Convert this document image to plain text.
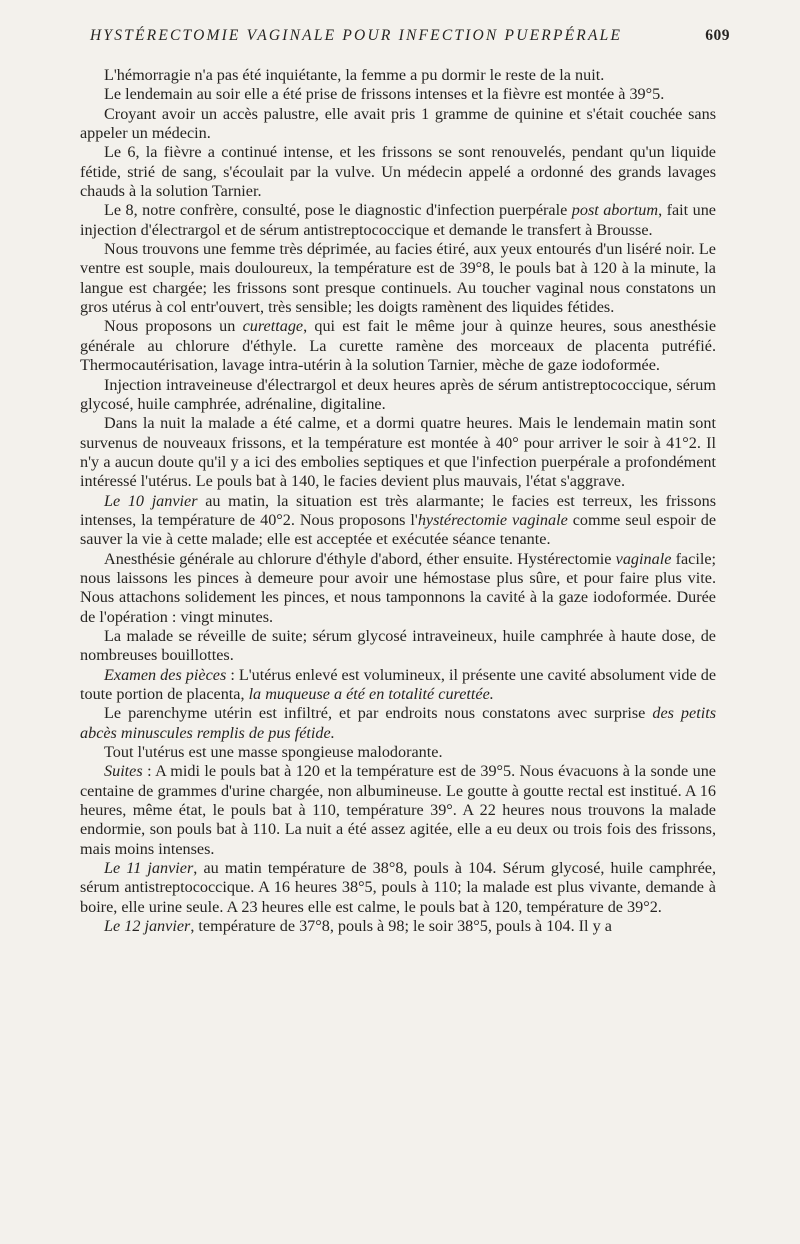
HYSTÉRECTOMIE VAGINALE POUR INFECTION PUERPÉRALE	609

L'hémorragie n'a pas été inquiétante, la femme a pu dormir le reste de la nuit.

Le lendemain au soir elle a été prise de frissons intenses et la fièvre est montée à 39°5.

Croyant avoir un accès palustre, elle avait pris 1 gramme de quinine et s'était couchée sans appeler un médecin.

Le 6, la fièvre a continué intense, et les frissons se sont renouvelés, pendant qu'un liquide fétide, strié de sang, s'écoulait par la vulve. Un médecin appelé a ordonné des grands lavages chauds à la solution Tarnier.

Le 8, notre confrère, consulté, pose le diagnostic d'infection puerpérale post abortum, fait une injection d'électrargol et de sérum antistreptococcique et demande le transfert à Brousse.

Nous trouvons une femme très déprimée, au facies étiré, aux yeux entourés d'un liséré noir. Le ventre est souple, mais douloureux, la température est de 39°8, le pouls bat à 120 à la minute, la langue est chargée; les frissons sont presque continuels. Au toucher vaginal nous constatons un gros utérus à col entr'ouvert, très sensible; les doigts ramènent des liquides fétides.

Nous proposons un curettage, qui est fait le même jour à quinze heures, sous anesthésie générale au chlorure d'éthyle. La curette ramène des morceaux de placenta putréfié. Thermocautérisation, lavage intra-utérin à la solution Tarnier, mèche de gaze iodoformée.

Injection intraveineuse d'électrargol et deux heures après de sérum antistreptococcique, sérum glycosé, huile camphrée, adrénaline, digitaline.

Dans la nuit la malade a été calme, et a dormi quatre heures. Mais le lendemain matin sont survenus de nouveaux frissons, et la température est montée à 40° pour arriver le soir à 41°2. Il n'y a aucun doute qu'il y a ici des embolies septiques et que l'infection puerpérale a profondément intéressé l'utérus. Le pouls bat à 140, le facies devient plus mauvais, l'état s'aggrave.

Le 10 janvier au matin, la situation est très alarmante; le facies est terreux, les frissons intenses, la température de 40°2. Nous proposons l'hystérectomie vaginale comme seul espoir de sauver la vie à cette malade; elle est acceptée et exécutée séance tenante.

Anesthésie générale au chlorure d'éthyle d'abord, éther ensuite. Hystérectomie vaginale facile; nous laissons les pinces à demeure pour avoir une hémostase plus sûre, et pour faire plus vite. Nous attachons solidement les pinces, et nous tamponnons la cavité à la gaze iodoformée. Durée de l'opération : vingt minutes.

La malade se réveille de suite; sérum glycosé intraveineux, huile camphrée à haute dose, de nombreuses bouillottes.

Examen des pièces : L'utérus enlevé est volumineux, il présente une cavité absolument vide de toute portion de placenta, la muqueuse a été en totalité curettée.

Le parenchyme utérin est infiltré, et par endroits nous constatons avec surprise des petits abcès minuscules remplis de pus fétide.

Tout l'utérus est une masse spongieuse malodorante.

Suites : A midi le pouls bat à 120 et la température est de 39°5. Nous évacuons à la sonde une centaine de grammes d'urine chargée, non albumineuse. Le goutte à goutte rectal est institué. A 16 heures, même état, le pouls bat à 110, température 39°. A 22 heures nous trouvons la malade endormie, son pouls bat à 110. La nuit a été assez agitée, elle a eu deux ou trois fois des frissons, mais moins intenses.

Le 11 janvier, au matin température de 38°8, pouls à 104. Sérum glycosé, huile camphrée, sérum antistreptococcique. A 16 heures 38°5, pouls à 110; la malade est plus vivante, demande à boire, elle urine seule. A 23 heures elle est calme, le pouls bat à 120, température de 39°2.

Le 12 janvier, température de 37°8, pouls à 98; le soir 38°5, pouls à 104. Il y a
